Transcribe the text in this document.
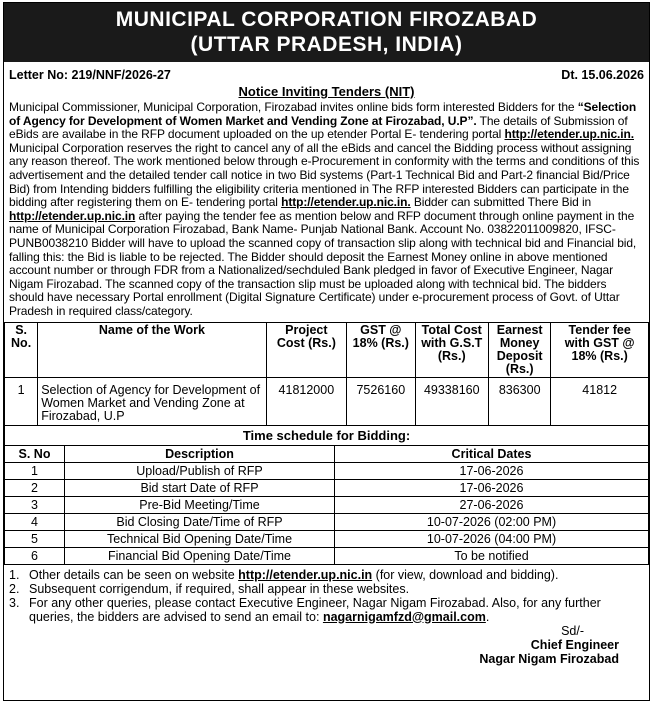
MUNICIPAL CORPORATION FIROZABAD
(UTTAR PRADESH, INDIA)
Letter No: 219/NNF/2026-27	Dt. 15.06.2026
Notice Inviting Tenders (NIT)
Municipal Commissioner, Municipal Corporation, Firozabad invites online bids form interested Bidders for the “Selection of Agency for Development of Women Market and Vending Zone at Firozabad, U.P”. The details of Submission of eBids are availabe in the RFP document uploaded on the up etender Portal E- tendering portal http://etender.up.nic.in. Municipal Corporation reserves the right to cancel any of all the eBids and cancel the Bidding process without assigning any reason thereof. The work mentioned below through e-Procurement in conformity with the terms and conditions of this advertisement and the detailed tender call notice in two Bid systems (Part-1 Technical Bid and Part-2 financial Bid/Price Bid) from Intending bidders fulfilling the eligibility criteria mentioned in The RFP interested Bidders can participate in the bidding after registering them on E- tendering portal http://etender.up.nic.in. Bidder can submitted There Bid in http://etender.up.nic.in after paying the tender fee as mention below and RFP document through online payment in the name of Municipal Corporation Firozabad, Bank Name- Punjab National Bank. Account No. 03822011009820, IFSC- PUNB0038210 Bidder will have to upload the scanned copy of transaction slip along with technical bid and Financial bid, falling this: the Bid is liable to be rejected. The Bidder should deposit the Earnest Money online in above mentioned account number or through FDR from a Nationalized/sechduled Bank pledged in favor of Executive Engineer, Nagar Nigam Firozabad. The scanned copy of the transaction slip must be uploaded along with technical bid. The bidders should have necessary Portal enrollment (Digital Signature Certificate) under e-procurement process of Govt. of Uttar Pradesh in required class/category.
S. No.	Name of the Work	Project Cost (Rs.)	GST @ 18% (Rs.)	Total Cost with G.S.T (Rs.)	Earnest Money Deposit (Rs.)	Tender fee with GST @ 18% (Rs.)
1	Selection of Agency for Development of Women Market and Vending Zone at Firozabad, U.P	41812000	7526160	49338160	836300	41812
Time schedule for Bidding:
S. No	Description	Critical Dates
1	Upload/Publish of RFP	17-06-2026
2	Bid start Date of RFP	17-06-2026
3	Pre-Bid Meeting/Time	27-06-2026
4	Bid Closing Date/Time of RFP	10-07-2026 (02:00 PM)
5	Technical Bid Opening Date/Time	10-07-2026 (04:00 PM)
6	Financial Bid Opening Date/Time	To be notified
1. Other details can be seen on website http://etender.up.nic.in (for view, download and bidding).
2. Subsequent corrigendum, if required, shall appear in these websites.
3. For any other queries, please contact Executive Engineer, Nagar Nigam Firozabad. Also, for any further queries, the bidders are advised to send an email to: nagarnigamfzd@gmail.com.
Sd/-
Chief Engineer
Nagar Nigam Firozabad
